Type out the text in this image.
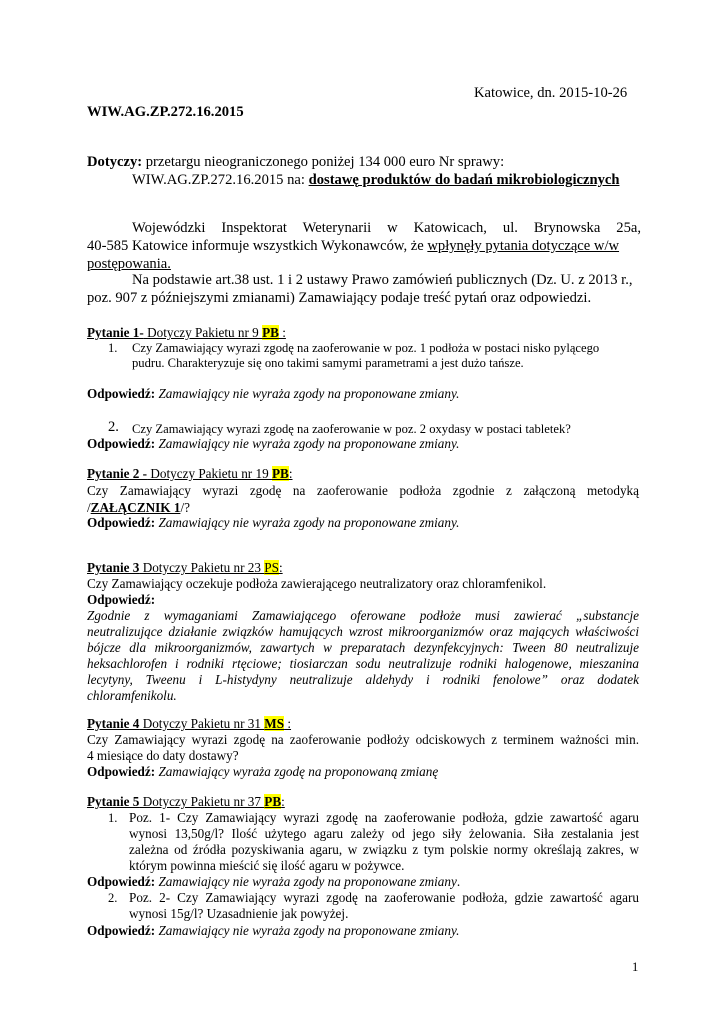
Katowice, dn. 2015-10-26
WIW.AG.ZP.272.16.2015
Dotyczy: przetargu nieograniczonego poniżej 134 000 euro Nr sprawy:
WIW.AG.ZP.272.16.2015 na: dostawę produktów do badań mikrobiologicznych
Wojewódzki Inspektorat Weterynarii w Katowicach, ul. Brynowska 25a,
40-585 Katowice informuje wszystkich Wykonawców, że wpłynęły pytania dotyczące w/w
postępowania.
Na podstawie art.38 ust. 1 i 2 ustawy Prawo zamówień publicznych (Dz. U. z 2013 r.,
poz. 907 z późniejszymi zmianami) Zamawiający podaje treść pytań oraz odpowiedzi.
Pytanie 1- Dotyczy Pakietu nr 9 PB :
1. Czy Zamawiający wyrazi zgodę na zaoferowanie w poz. 1 podłoża w postaci nisko pylącego
pudru. Charakteryzuje się ono takimi samymi parametrami a jest dużo tańsze.
Odpowiedź: Zamawiający nie wyraża zgody na proponowane zmiany.
2. Czy Zamawiający wyrazi zgodę na zaoferowanie w poz. 2 oxydasy w postaci tabletek?
Odpowiedź: Zamawiający nie wyraża zgody na proponowane zmiany.
Pytanie 2 - Dotyczy Pakietu nr 19 PB:
Czy Zamawiający wyrazi zgodę na zaoferowanie podłoża zgodnie z załączoną metodyką
/ZAŁĄCZNIK 1/?
Odpowiedź: Zamawiający nie wyraża zgody na proponowane zmiany.
Pytanie 3 Dotyczy Pakietu nr 23 PS:
Czy Zamawiający oczekuje podłoża zawierającego neutralizatory oraz chloramfenikol.
Odpowiedź:
Zgodnie z wymaganiami Zamawiającego oferowane podłoże musi zawierać „substancje
neutralizujące działanie związków hamujących wzrost mikroorganizmów oraz mających właściwości
bójcze dla mikroorganizmów, zawartych w preparatach dezynfekcyjnych: Tween 80 neutralizuje
heksachlorofen i rodniki rtęciowe; tiosiarczan sodu neutralizuje rodniki halogenowe, mieszanina
lecytyny, Tweenu i L-histydyny neutralizuje aldehydy i rodniki fenolowe” oraz dodatek
chloramfenikolu.
Pytanie 4 Dotyczy Pakietu nr 31 MS :
Czy Zamawiający wyrazi zgodę na zaoferowanie podłoży odciskowych z terminem ważności min.
4 miesiące do daty dostawy?
Odpowiedź: Zamawiający wyraża zgodę na proponowaną zmianę
Pytanie 5 Dotyczy Pakietu nr 37 PB:
1. Poz. 1- Czy Zamawiający wyrazi zgodę na zaoferowanie podłoża, gdzie zawartość agaru
wynosi 13,50g/l? Ilość użytego agaru zależy od jego siły żelowania. Siła zestalania jest
zależna od źródła pozyskiwania agaru, w związku z tym polskie normy określają zakres, w
którym powinna mieścić się ilość agaru w pożywce.
Odpowiedź: Zamawiający nie wyraża zgody na proponowane zmiany.
2. Poz. 2- Czy Zamawiający wyrazi zgodę na zaoferowanie podłoża, gdzie zawartość agaru
wynosi 15g/l? Uzasadnienie jak powyżej.
Odpowiedź: Zamawiający nie wyraża zgody na proponowane zmiany.
1
